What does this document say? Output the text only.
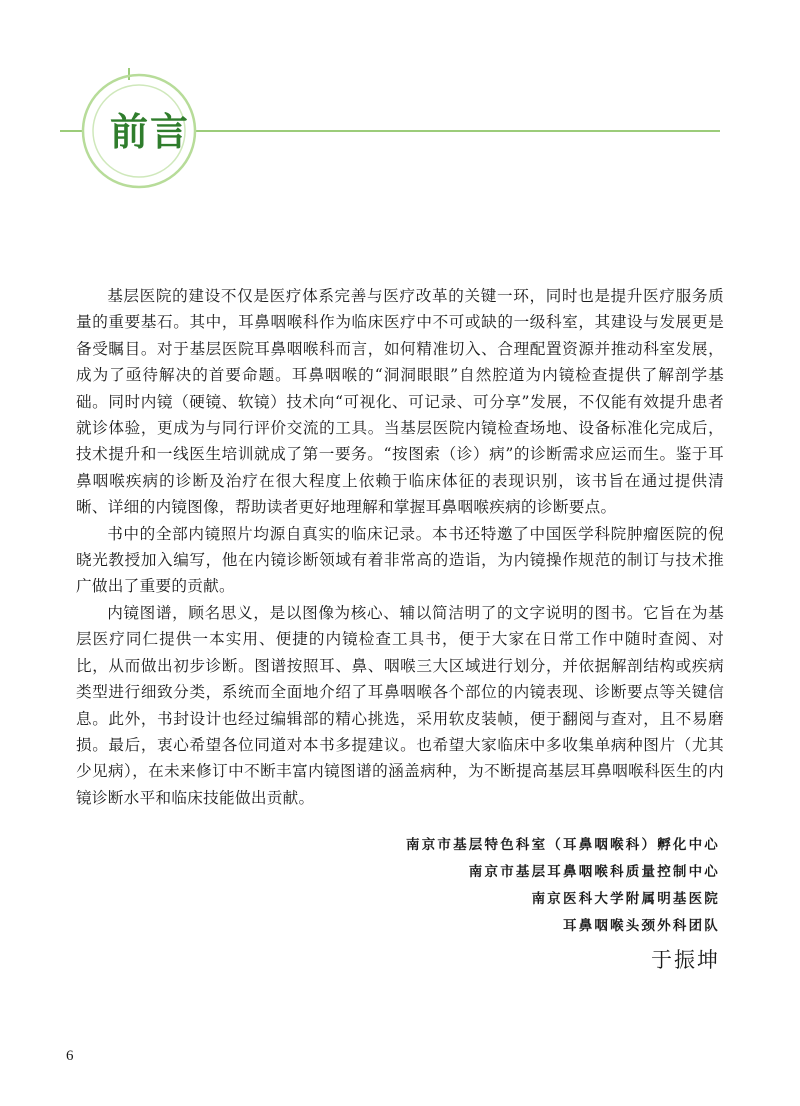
前言

基层医院的建设不仅是医疗体系完善与医疗改革的关键一环，同时也是提升医疗服务质量的重要基石。其中，耳鼻咽喉科作为临床医疗中不可或缺的一级科室，其建设与发展更是备受瞩目。对于基层医院耳鼻咽喉科而言，如何精准切入、合理配置资源并推动科室发展，成为了亟待解决的首要命题。耳鼻咽喉的“洞洞眼眼”自然腔道为内镜检查提供了解剖学基础。同时内镜（硬镜、软镜）技术向“可视化、可记录、可分享”发展，不仅能有效提升患者就诊体验，更成为与同行评价交流的工具。当基层医院内镜检查场地、设备标准化完成后，技术提升和一线医生培训就成了第一要务。“按图索（诊）病”的诊断需求应运而生。鉴于耳鼻咽喉疾病的诊断及治疗在很大程度上依赖于临床体征的表现识别，该书旨在通过提供清晰、详细的内镜图像，帮助读者更好地理解和掌握耳鼻咽喉疾病的诊断要点。

书中的全部内镜照片均源自真实的临床记录。本书还特邀了中国医学科院肿瘤医院的倪晓光教授加入编写，他在内镜诊断领域有着非常高的造诣，为内镜操作规范的制订与技术推广做出了重要的贡献。

内镜图谱，顾名思义，是以图像为核心、辅以简洁明了的文字说明的图书。它旨在为基层医疗同仁提供一本实用、便捷的内镜检查工具书，便于大家在日常工作中随时查阅、对比，从而做出初步诊断。图谱按照耳、鼻、咽喉三大区域进行划分，并依据解剖结构或疾病类型进行细致分类，系统而全面地介绍了耳鼻咽喉各个部位的内镜表现、诊断要点等关键信息。此外，书封设计也经过编辑部的精心挑选，采用软皮装帧，便于翻阅与查对，且不易磨损。最后，衷心希望各位同道对本书多提建议。也希望大家临床中多收集单病种图片（尤其少见病），在未来修订中不断丰富内镜图谱的涵盖病种，为不断提高基层耳鼻咽喉科医生的内镜诊断水平和临床技能做出贡献。

南京市基层特色科室（耳鼻咽喉科）孵化中心
南京市基层耳鼻咽喉科质量控制中心
南京医科大学附属明基医院
耳鼻咽喉头颈外科团队
于振坤
6
